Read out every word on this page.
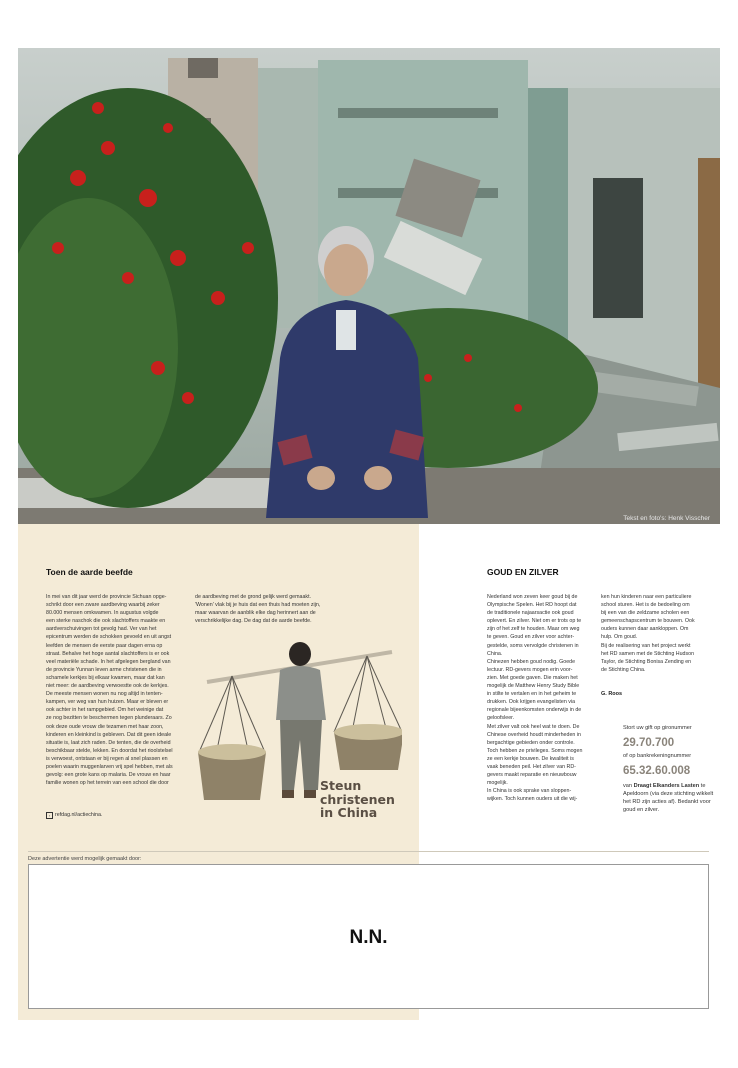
Tekst en foto's: Henk Visscher
Toen de aarde beefde

In mei van dit jaar werd de provincie Sichuan opge-

schrikt door een zware aardbeving waarbij zeker

80.000 mensen omkwamen. In augustus volgde

een sterke naschok die ook slachtoffers maakte en

aardverschuivingen tot gevolg had. Ver van het

epicentrum werden de schokken gevoeld en uit angst

leefden de mensen de eerste paar dagen erna op

straat. Behalve het hoge aantal slachtoffers is er ook

veel materiële schade. In het afgelegen bergland van

de provincie Yunnan leven arme christenen die in

schamele kerkjes bij elkaar kwamen, maar dat kan

niet meer: de aardbeving verwoestte ook de kerkjes.

De meeste mensen wonen nu nog altijd in tenten-

kampen, ver weg van hun huizen. Maar er bleven er

ook achter in het rampgebied. Om het weinige dat

ze nog bezitten te beschermen tegen plunderaars. Zo

ook deze oude vrouw die tezamen met haar zoon,

kinderen en kleinkind is gebleven. Dat dit geen ideale

situatie is, laat zich raden. De tenten, die de overheid

beschikbaar stelde, lekken. En doordat het rioolstelsel

is verwoest, ontstaan er bij regen al snel plassen en

poelen waarin muggenlarven vrij spel hebben, met als

gevolg: een grote kans op malaria. De vrouw en haar

familie wonen op het terrein van een school die door

de aardbeving met de grond gelijk werd gemaakt.

'Wonen' vlak bij je huis dat een thuis had moeten zijn,

maar waarvan de aanblik elke dag herinnert aan de

verschrikkelijke dag. De dag dat de aarde beefde.

› refdag.nl/actiechina.
Steun
christenen
in China
GOUD EN ZILVER

Nederland won zeven keer goud bij de

Olympische Spelen. Het RD hoopt dat

de traditionele najaarsactie ook goud

oplevert. En zilver. Niet om er trots op te

zijn of het zelf te houden. Maar om weg

te geven. Goud en zilver voor achter-

gestelde, soms vervolgde christenen in

China.

Chinezen hebben goud nodig. Goede

lectuur. RD-gevers mogen erin voor-

zien. Met goede gaven. Die maken het

mogelijk de Matthew Henry Study Bible

in stilte te vertalen en in het geheim te

drukken. Ook krijgen evangelisten via

regionale bijeenkomsten onderwijs in de

geloofsleer.

Met zilver valt ook heel wat te doen. De

Chinese overheid houdt minderheden in

bergachtige gebieden onder controle.

Toch hebben ze privileges. Soms mogen

ze een kerkje bouwen. De kwaliteit is

vaak beneden peil. Het zilver van RD-

gevers maakt reparatie en nieuwbouw

mogelijk.

In China is ook sprake van sloppen-

wijken. Toch kunnen ouders uit die wij-

ken hun kinderen naar een particuliere

school sturen. Het is de bedoeling om

bij een van die zeldzame scholen een

gemeenschapscentrum te bouwen. Ook

ouders kunnen daar aankloppen. Om

hulp. Om goud.

Bij de realisering van het project werkt

het RD samen met de Stichting Hudson

Taylor, de Stichting Bonisa Zending en

de Stichting China.

G. Roos

Stort uw gift op gironummer

29.70.700

of op bankrekeningnummer

65.32.60.008

van Draagt Elkanders Lasten te Apeldoorn (via deze stichting wikkelt het RD zijn acties af). Bedankt voor goud en zilver.

Deze advertentie werd mogelijk gemaakt door:
N.N.
